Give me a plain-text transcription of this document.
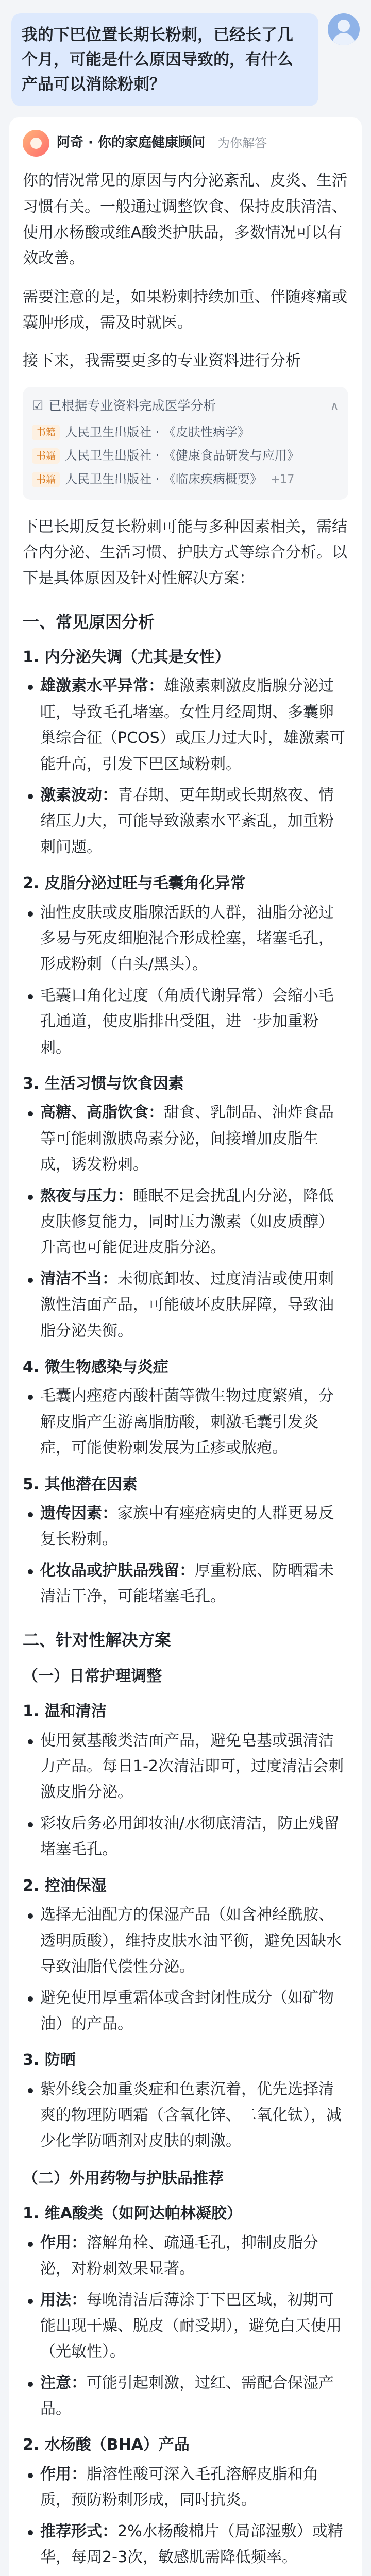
我的下巴位置长期长粉刺，已经长了几个月，可能是什么原因导致的，有什么产品可以消除粉刺？
阿奇 · 你的家庭健康顾问 为你解答

你的情况常见的原因与内分泌紊乱、皮炎、生活习惯有关。一般通过调整饮食、保持皮肤清洁、使用水杨酸或维A酸类护肤品，多数情况可以有效改善。

需要注意的是，如果粉刺持续加重、伴随疼痛或囊肿形成，需及时就医。

接下来，我需要更多的专业资料进行分析

☑ 已根据专业资料完成医学分析	∧
书籍 人民卫生出版社 · 《皮肤性病学》
书籍 人民卫生出版社 · 《健康食品研发与应用》
书籍 人民卫生出版社 · 《临床疾病概要》 +17

下巴长期反复长粉刺可能与多种因素相关，需结合内分泌、生活习惯、护肤方式等综合分析。以下是具体原因及针对性解决方案：

一、常见原因分析
1. 内分泌失调（尤其是女性）
雄激素水平异常：雄激素刺激皮脂腺分泌过旺，导致毛孔堵塞。女性月经周期、多囊卵巢综合征（PCOS）或压力过大时，雄激素可能升高，引发下巴区域粉刺。
激素波动：青春期、更年期或长期熬夜、情绪压力大，可能导致激素水平紊乱，加重粉刺问题。
2. 皮脂分泌过旺与毛囊角化异常
油性皮肤或皮脂腺活跃的人群，油脂分泌过多易与死皮细胞混合形成栓塞，堵塞毛孔，形成粉刺（白头/黑头）。
毛囊口角化过度（角质代谢异常）会缩小毛孔通道，使皮脂排出受阻，进一步加重粉刺。
3. 生活习惯与饮食因素
高糖、高脂饮食：甜食、乳制品、油炸食品等可能刺激胰岛素分泌，间接增加皮脂生成，诱发粉刺。
熬夜与压力：睡眠不足会扰乱内分泌，降低皮肤修复能力，同时压力激素（如皮质醇）升高也可能促进皮脂分泌。
清洁不当：未彻底卸妆、过度清洁或使用刺激性洁面产品，可能破坏皮肤屏障，导致油脂分泌失衡。
4. 微生物感染与炎症
毛囊内痤疮丙酸杆菌等微生物过度繁殖，分解皮脂产生游离脂肪酸，刺激毛囊引发炎症，可能使粉刺发展为丘疹或脓疱。
5. 其他潜在因素
遗传因素：家族中有痤疮病史的人群更易反复长粉刺。
化妆品或护肤品残留：厚重粉底、防晒霜未清洁干净，可能堵塞毛孔。
二、针对性解决方案
（一）日常护理调整
1. 温和清洁
使用氨基酸类洁面产品，避免皂基或强清洁力产品。每日1-2次清洁即可，过度清洁会刺激皮脂分泌。
彩妆后务必用卸妆油/水彻底清洁，防止残留堵塞毛孔。
2. 控油保湿
选择无油配方的保湿产品（如含神经酰胺、透明质酸），维持皮肤水油平衡，避免因缺水导致油脂代偿性分泌。
避免使用厚重霜体或含封闭性成分（如矿物油）的产品。
3. 防晒
紫外线会加重炎症和色素沉着，优先选择清爽的物理防晒霜（含氧化锌、二氧化钛），减少化学防晒剂对皮肤的刺激。
（二）外用药物与护肤品推荐
1. 维A酸类（如阿达帕林凝胶）
作用：溶解角栓、疏通毛孔，抑制皮脂分泌，对粉刺效果显著。
用法：每晚清洁后薄涂于下巴区域，初期可能出现干燥、脱皮（耐受期），避免白天使用（光敏性）。
注意：可能引起刺激，过红、需配合保湿产品。
2. 水杨酸（BHA）产品
作用：脂溶性酸可深入毛孔溶解皮脂和角质，预防粉刺形成，同时抗炎。
推荐形式：2%水杨酸棉片（局部湿敷）或精华，每周2-3次，敏感肌需降低频率。
